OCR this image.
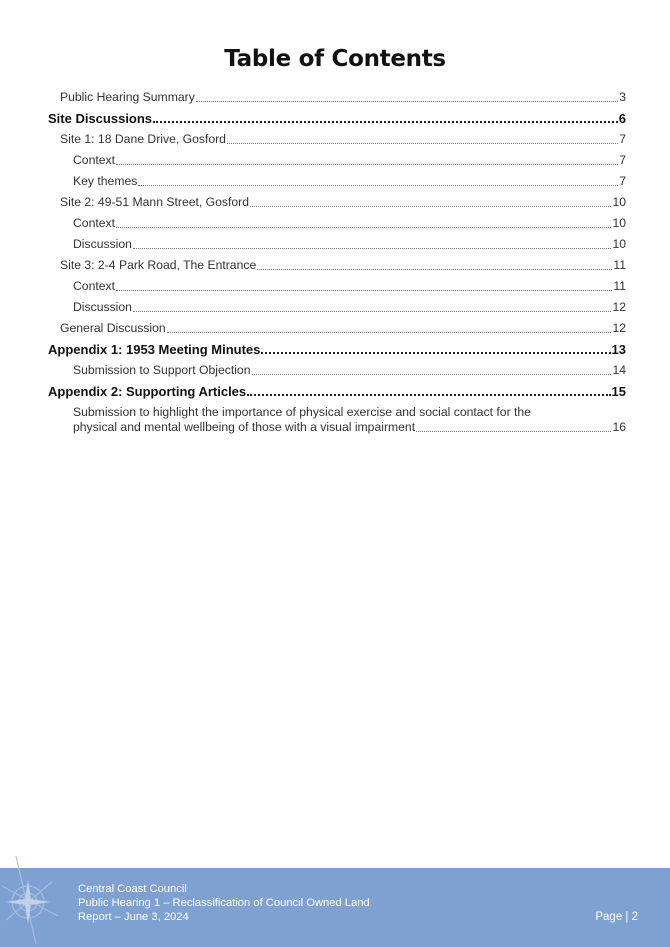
Table of Contents
Public Hearing Summary	3
Site Discussions	6
Site 1: 18 Dane Drive, Gosford	7
Context	7
Key themes	7
Site 2: 49-51 Mann Street, Gosford	10
Context	10
Discussion	10
Site 3: 2-4 Park Road, The Entrance	11
Context	11
Discussion	12
General Discussion	12
Appendix 1: 1953 Meeting Minutes	13
Submission to Support Objection	14
Appendix 2: Supporting Articles	15
Submission to highlight the importance of physical exercise and social contact for the
physical and mental wellbeing of those with a visual impairment	16
Central Coast Council
Public Hearing 1 – Reclassification of Council Owned Land
Report – June 3, 2024	Page | 2
